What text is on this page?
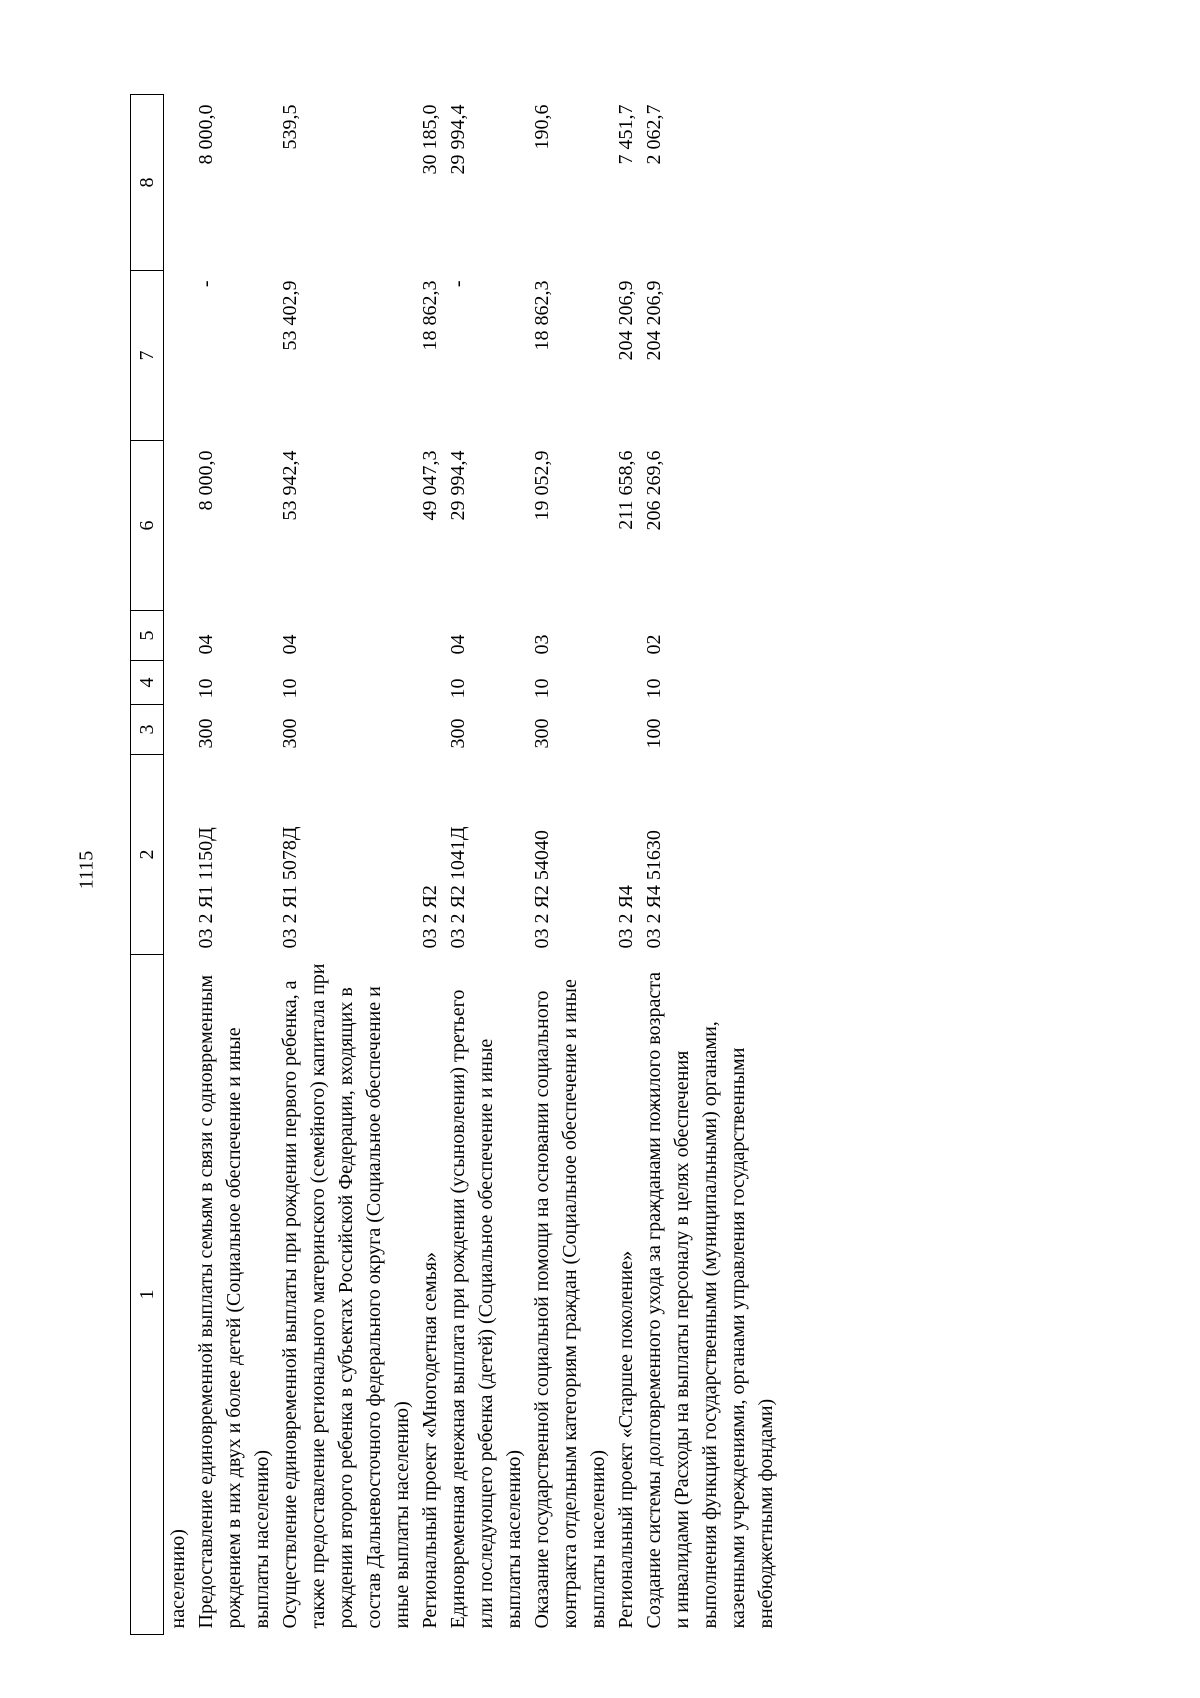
1115
1	2	3	4	5	6	7	8
населению)							
Предоставление единовременной выплаты семьям в связи с одновременным рождением в них двух и более детей (Социальное обеспечение и иные выплаты населению)	03 2 Я1 1150Д	300	10	04	8 000,0	-	8 000,0
Осуществление единовременной выплаты при рождении первого ребенка, а также предоставление регионального материнского (семейного) капитала при рождении второго ребенка в субъектах Российской Федерации, входящих в состав Дальневосточного федерального округа (Социальное обеспечение и иные выплаты населению)	03 2 Я1 5078Д	300	10	04	53 942,4	53 402,9	539,5
Региональный проект «Многодетная семья»	03 2 Я2				49 047,3	18 862,3	30 185,0
Единовременная денежная выплата при рождении (усыновлении) третьего или последующего ребенка (детей) (Социальное обеспечение и иные выплаты населению)	03 2 Я2 1041Д	300	10	04	29 994,4	-	29 994,4
Оказание государственной социальной помощи на основании социального контракта отдельным категориям граждан (Социальное обеспечение и иные выплаты населению)	03 2 Я2 54040	300	10	03	19 052,9	18 862,3	190,6
Региональный проект «Старшее поколение»	03 2 Я4				211 658,6	204 206,9	7 451,7
Создание системы долговременного ухода за гражданами пожилого возраста и инвалидами (Расходы на выплаты персоналу в целях обеспечения выполнения функций государственными (муниципальными) органами, казенными учреждениями, органами управления государственными внебюджетными фондами)	03 2 Я4 51630	100	10	02	206 269,6	204 206,9	2 062,7
